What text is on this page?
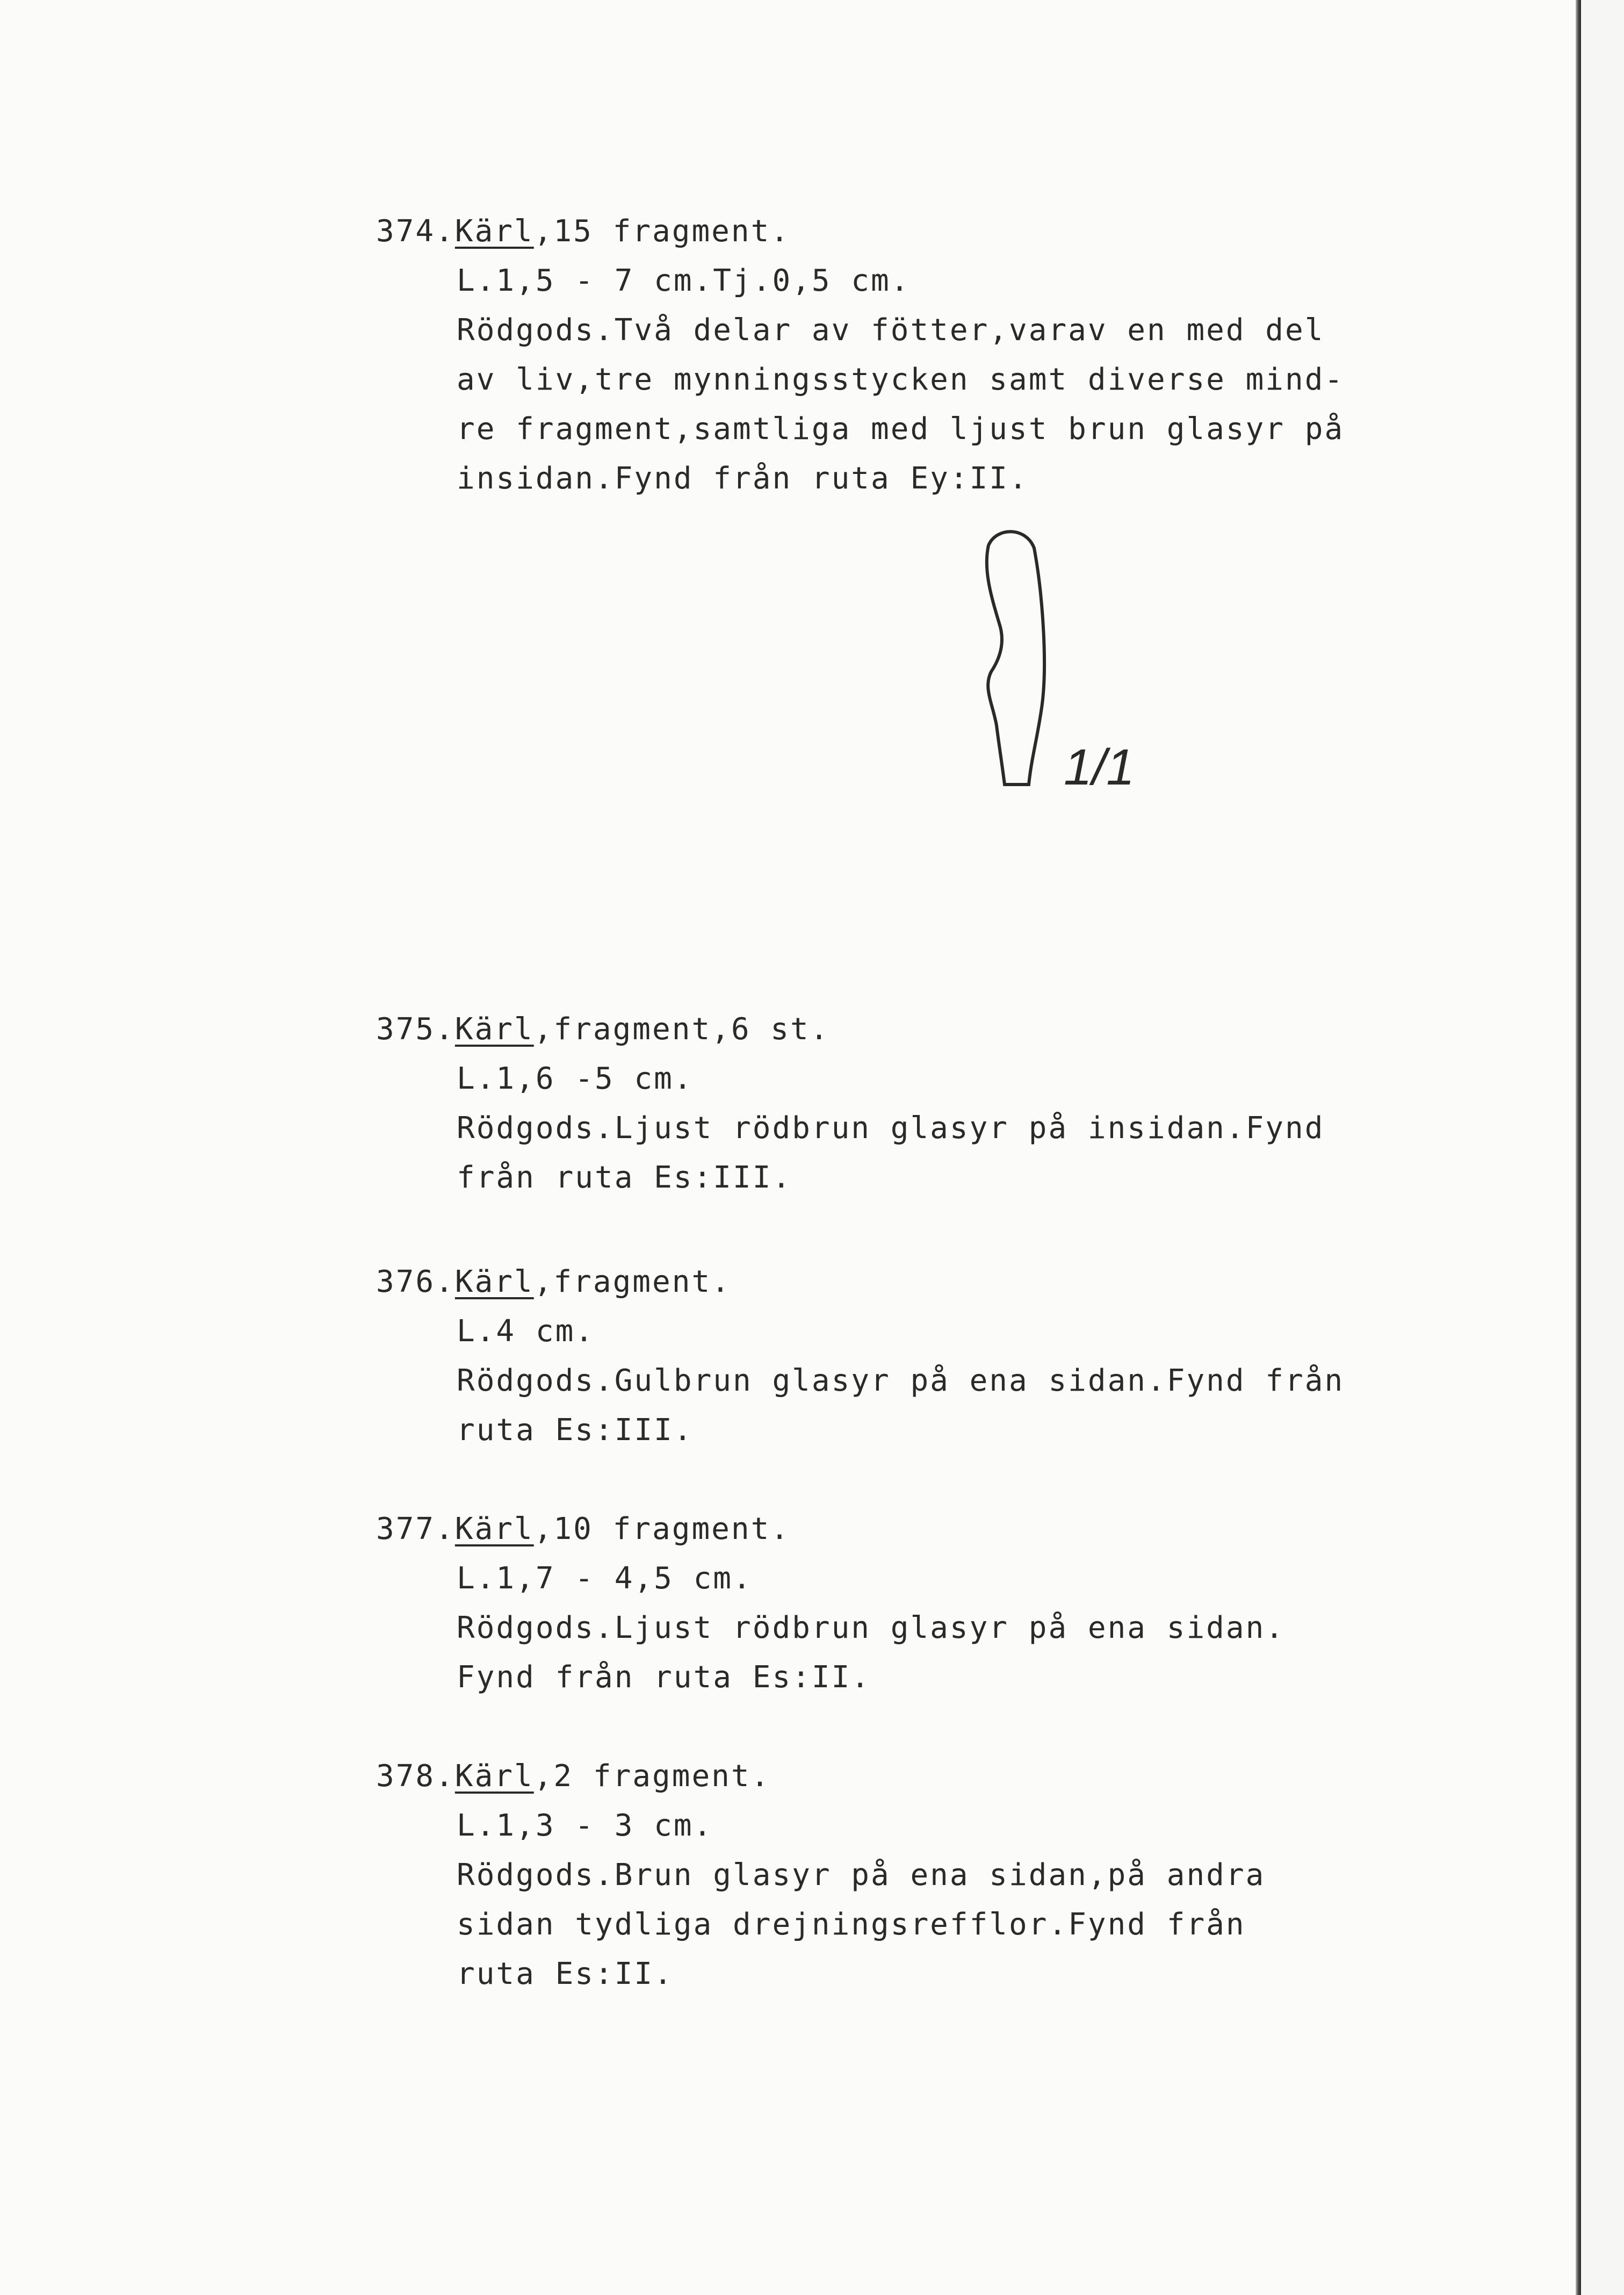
374.Kärl,15 fragment.
L.1,5 - 7 cm.Tj.0,5 cm.
Rödgods.Två delar av fötter,varav en med del
av liv,tre mynningsstycken samt diverse mind-
re fragment,samtliga med ljust brun glasyr på
insidan.Fynd från ruta Ey:II.
1/1
375.Kärl,fragment,6 st.
L.1,6 -5 cm.
Rödgods.Ljust rödbrun glasyr på insidan.Fynd
från ruta Es:III.
376.Kärl,fragment.
L.4 cm.
Rödgods.Gulbrun glasyr på ena sidan.Fynd från
ruta Es:III.
377.Kärl,10 fragment.
L.1,7 - 4,5 cm.
Rödgods.Ljust rödbrun glasyr på ena sidan.
Fynd från ruta Es:II.
378.Kärl,2 fragment.
L.1,3 - 3 cm.
Rödgods.Brun glasyr på ena sidan,på andra
sidan tydliga drejningsrefflor.Fynd från
ruta Es:II.
